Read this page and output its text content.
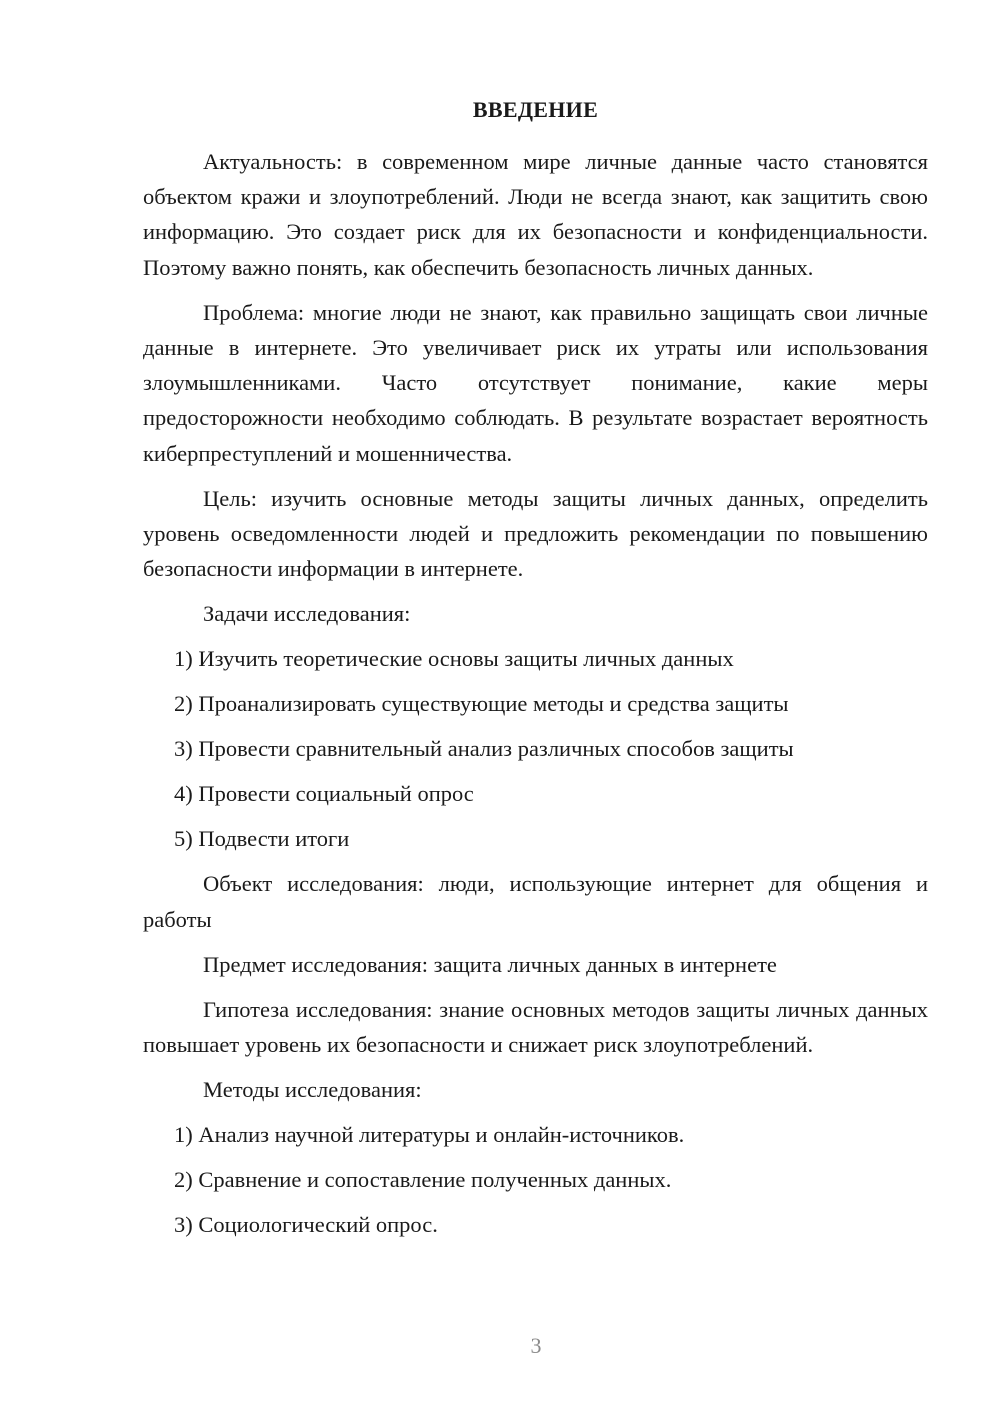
ВВЕДЕНИЕ

Актуальность: в современном мире личные данные часто становятся объектом кражи и злоупотреблений. Люди не всегда знают, как защитить свою информацию. Это создает риск для их безопасности и конфиденциальности. Поэтому важно понять, как обеспечить безопасность личных данных.

Проблема: многие люди не знают, как правильно защищать свои личные данные в интернете. Это увеличивает риск их утраты или использования злоумышленниками. Часто отсутствует понимание, какие меры предосторожности необходимо соблюдать. В результате возрастает вероятность киберпреступлений и мошенничества.

Цель: изучить основные методы защиты личных данных, определить уровень осведомленности людей и предложить рекомендации по повышению безопасности информации в интернете.

Задачи исследования:

1) Изучить теоретические основы защиты личных данных
2) Проанализировать существующие методы и средства защиты
3) Провести сравнительный анализ различных способов защиты
4) Провести социальный опрос
5) Подвести итоги

Объект исследования: люди, использующие интернет для общения и работы

Предмет исследования: защита личных данных в интернете

Гипотеза исследования: знание основных методов защиты личных данных повышает уровень их безопасности и снижает риск злоупотреблений.

Методы исследования:

1) Анализ научной литературы и онлайн-источников.
2) Сравнение и сопоставление полученных данных.
3) Социологический опрос.
3
